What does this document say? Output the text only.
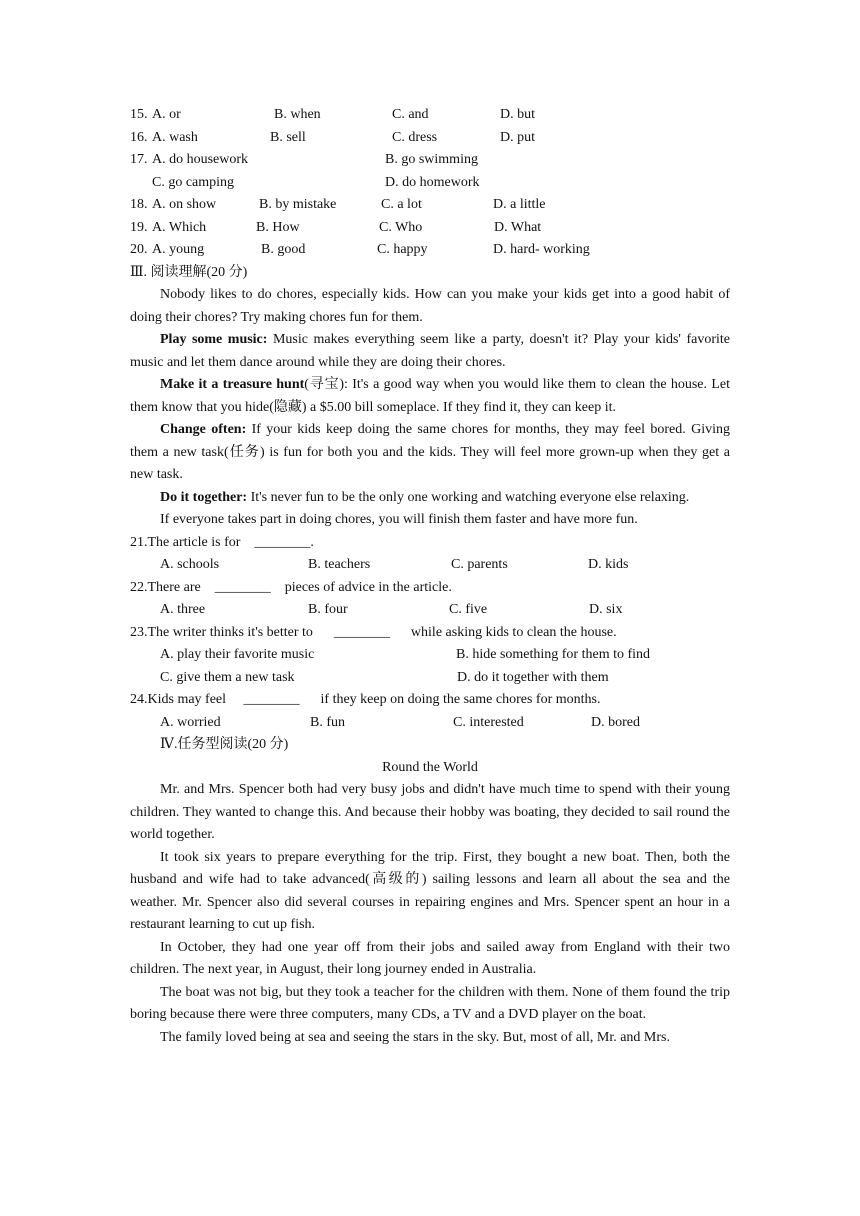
15. A. or	B. when	C. and	D. but
16. A. wash	B. sell	C. dress	D. put
17. A. do housework	B. go swimming
C. go camping	D. do homework
18. A. on show	B. by mistake	C. a lot	D. a little
19. A. Which	B. How	C. Who	D. What
20. A. young	B. good	C. happy	D. hard- working
Ⅲ. 阅读理解(20 分)

Nobody likes to do chores, especially kids. How can you make your kids get into a good habit of doing their chores? Try making chores fun for them.

Play some music: Music makes everything seem like a party, doesn't it? Play your kids' favorite music and let them dance around while they are doing their chores.

Make it a treasure hunt(寻宝): It's a good way when you would like them to clean the house. Let them know that you hide(隐藏) a $5.00 bill someplace. If they find it, they can keep it.

Change often: If your kids keep doing the same chores for months, they may feel bored. Giving them a new task(任务) is fun for both you and the kids. They will feel more grown-up when they get a new task.

Do it together: It's never fun to be the only one working and watching everyone else relaxing.

If everyone takes part in doing chores, you will finish them faster and have more fun.

21.The article is for    ________.
A. schools	B. teachers	C. parents	D. kids
22.There are    ________    pieces of advice in the article.
A. three	B. four	C. five	D. six
23.The writer thinks it's better to      ________      while asking kids to clean the house.
A. play their favorite music	B. hide something for them to find
C. give them a new task	D. do it together with them
24.Kids may feel     ________      if they keep on doing the same chores for months.
A. worried	B. fun	C. interested	D. bored
Ⅳ.任务型阅读(20 分)
Round the World

Mr. and Mrs. Spencer both had very busy jobs and didn't have much time to spend with their young children. They wanted to change this. And because their hobby was boating, they decided to sail round the world together.

It took six years to prepare everything for the trip. First, they bought a new boat. Then, both the husband and wife had to take advanced(高级的) sailing lessons and learn all about the sea and the weather. Mr. Spencer also did several courses in repairing engines and Mrs. Spencer spent an hour in a restaurant learning to cut up fish.

In October, they had one year off from their jobs and sailed away from England with their two children. The next year, in August, their long journey ended in Australia.

The boat was not big, but they took a teacher for the children with them. None of them found the trip boring because there were three computers, many CDs, a TV and a DVD player on the boat.

The family loved being at sea and seeing the stars in the sky. But, most of all, Mr. and Mrs.
